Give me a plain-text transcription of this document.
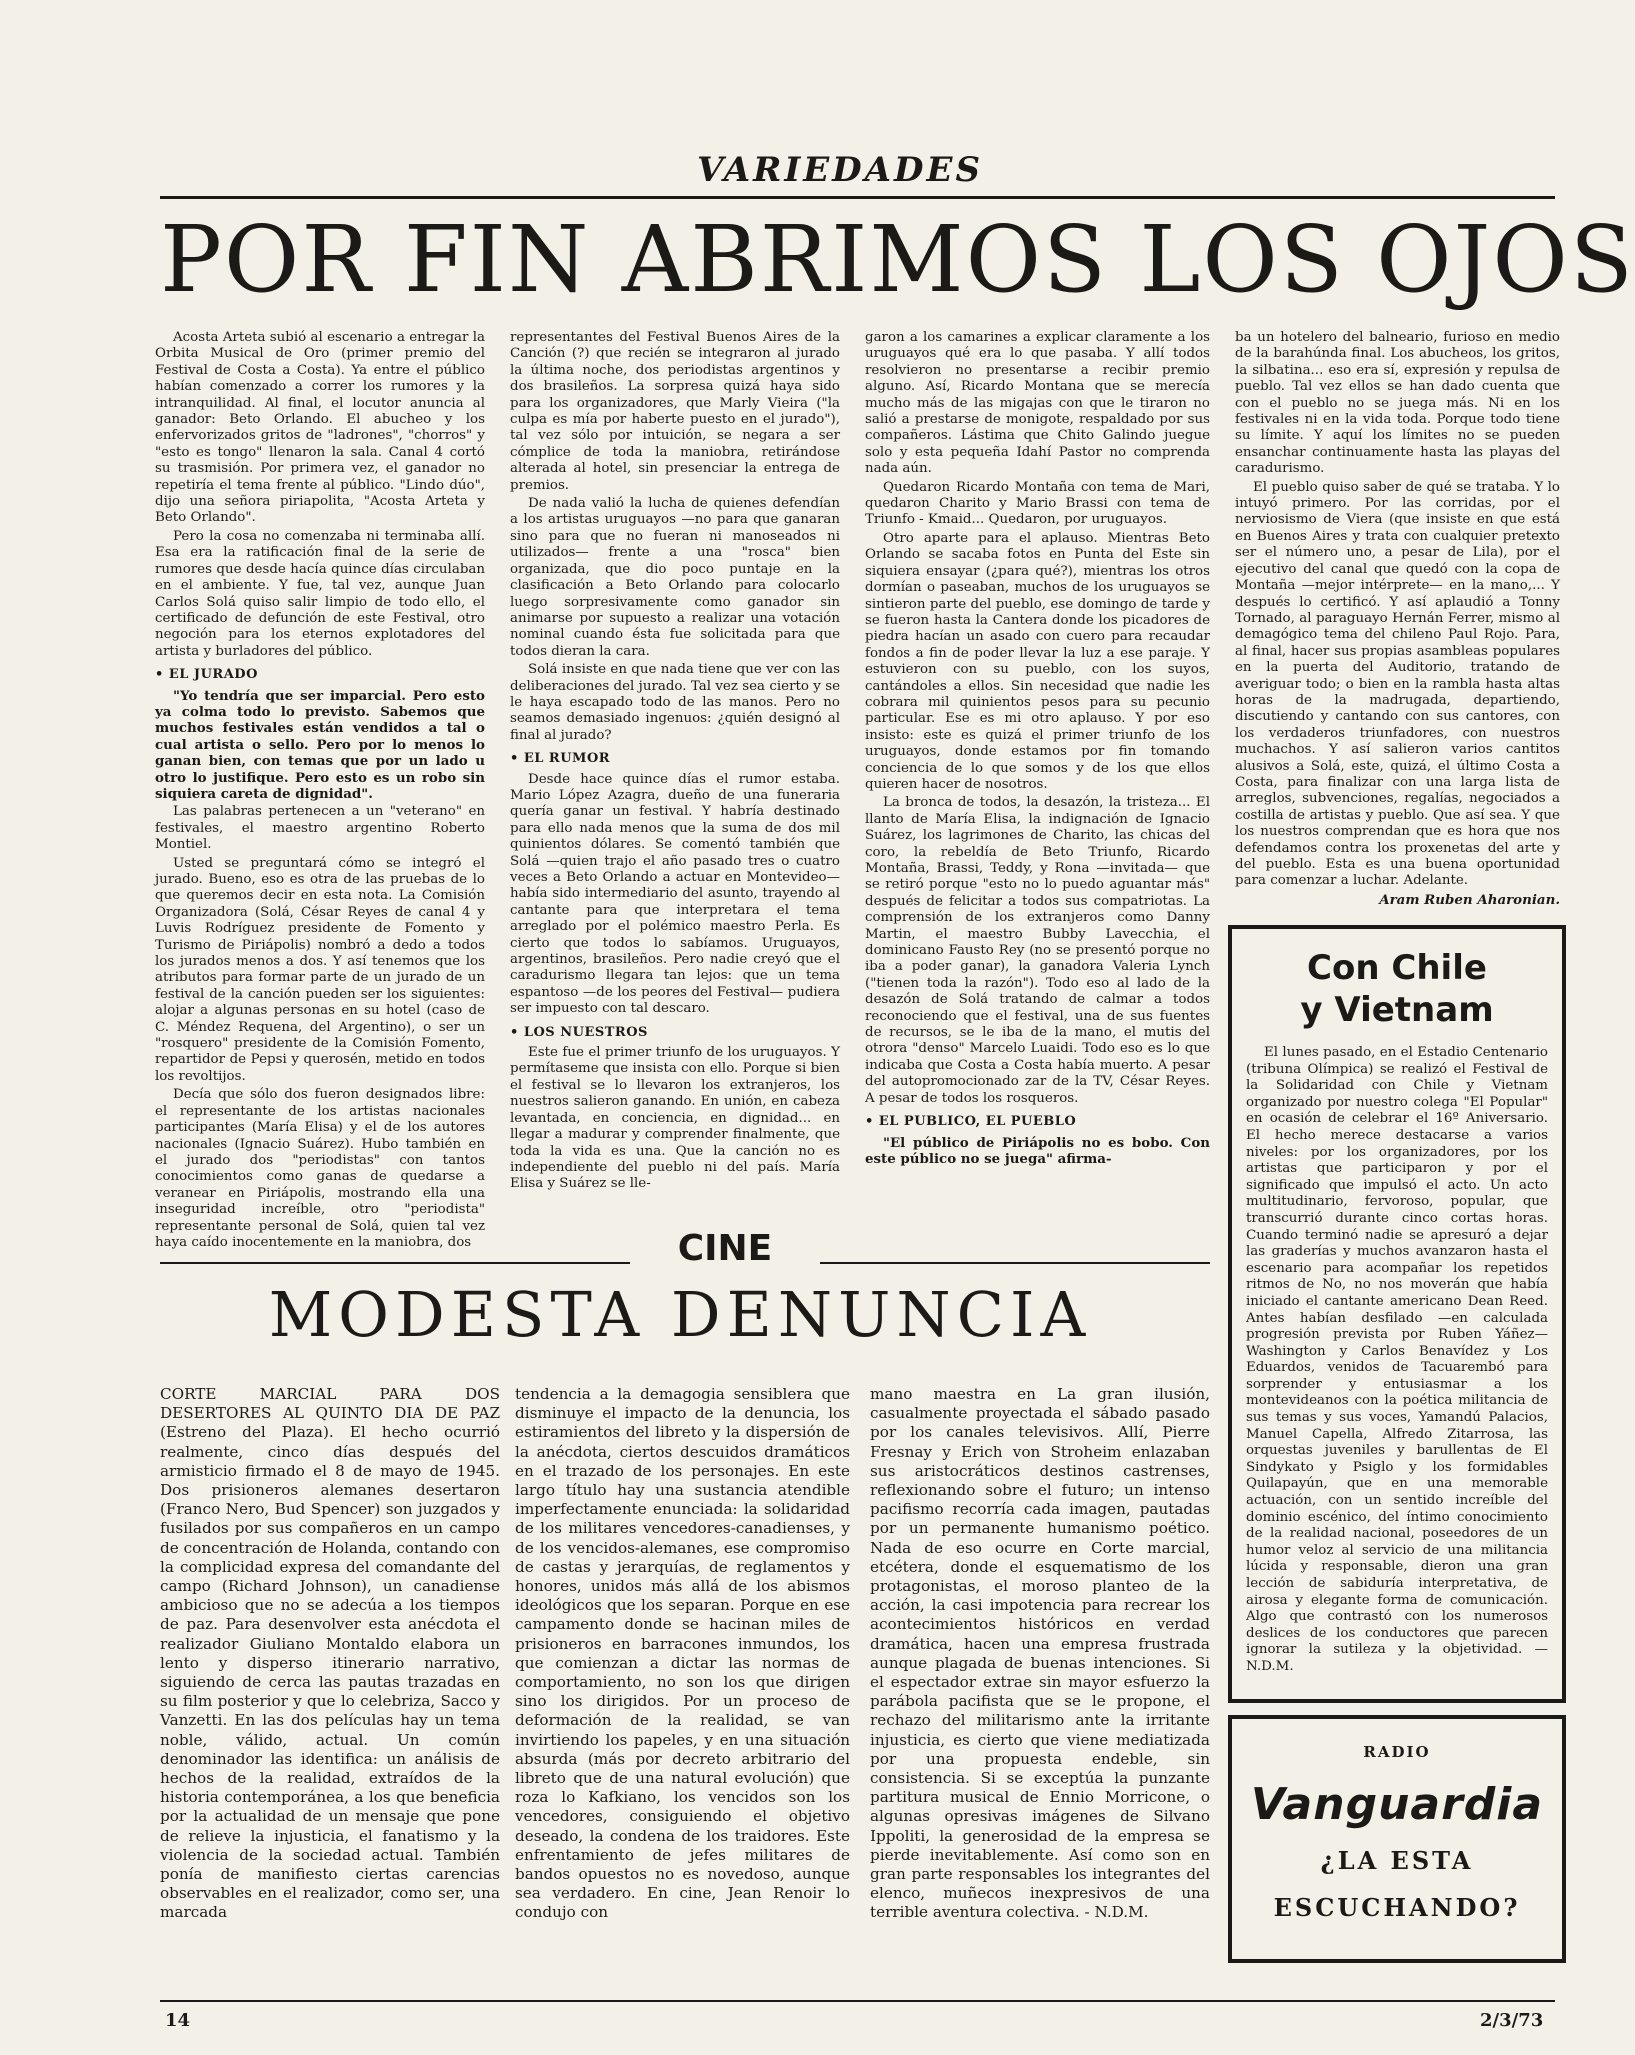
VARIEDADES
POR FIN ABRIMOS LOS OJOS

Acosta Arteta subió al escenario a entregar la Orbita Musical de Oro (primer premio del Festival de Costa a Costa). Ya entre el público habían comenzado a correr los rumores y la intranquilidad. Al final, el locutor anuncia al ganador: Beto Orlando. El abucheo y los enfervorizados gritos de "ladrones", "chorros" y "esto es tongo" llenaron la sala. Canal 4 cortó su trasmisión. Por primera vez, el ganador no repetiría el tema frente al público. "Lindo dúo", dijo una señora piriapolita, "Acosta Arteta y Beto Orlando".

Pero la cosa no comenzaba ni terminaba allí. Esa era la ratificación final de la serie de rumores que desde hacía quince días circulaban en el ambiente. Y fue, tal vez, aunque Juan Carlos Solá quiso salir limpio de todo ello, el certificado de defunción de este Festival, otro negoción para los eternos explotadores del artista y burladores del público.

• EL JURADO

"Yo tendría que ser imparcial. Pero esto ya colma todo lo previsto. Sabemos que muchos festivales están vendidos a tal o cual artista o sello. Pero por lo menos lo ganan bien, con temas que por un lado u otro lo justifique. Pero esto es un robo sin siquiera careta de dignidad".

Las palabras pertenecen a un "veterano" en festivales, el maestro argentino Roberto Montiel.

Usted se preguntará cómo se integró el jurado. Bueno, eso es otra de las pruebas de lo que queremos decir en esta nota. La Comisión Organizadora (Solá, César Reyes de canal 4 y Luvis Rodríguez presidente de Fomento y Turismo de Piriápolis) nombró a dedo a todos los jurados menos a dos. Y así tenemos que los atributos para formar parte de un jurado de un festival de la canción pueden ser los siguientes: alojar a algunas personas en su hotel (caso de C. Méndez Requena, del Argentino), o ser un "rosquero" presidente de la Comisión Fomento, repartidor de Pepsi y querosén, metido en todos los revoltijos.

Decía que sólo dos fueron designados libre: el representante de los artistas nacionales participantes (María Elisa) y el de los autores nacionales (Ignacio Suárez). Hubo también en el jurado dos "periodistas" con tantos conocimientos como ganas de quedarse a veranear en Piriápolis, mostrando ella una inseguridad increíble, otro "periodista" representante personal de Solá, quien tal vez haya caído inocentemente en la maniobra, dos

representantes del Festival Buenos Aires de la Canción (?) que recién se integraron al jurado la última noche, dos periodistas argentinos y dos brasileños. La sorpresa quizá haya sido para los organizadores, que Marly Vieira ("la culpa es mía por haberte puesto en el jurado"), tal vez sólo por intuición, se negara a ser cómplice de toda la maniobra, retirándose alterada al hotel, sin presenciar la entrega de premios.

De nada valió la lucha de quienes defendían a los artistas uruguayos —no para que ganaran sino para que no fueran ni manoseados ni utilizados— frente a una "rosca" bien organizada, que dio poco puntaje en la clasificación a Beto Orlando para colocarlo luego sorpresivamente como ganador sin animarse por supuesto a realizar una votación nominal cuando ésta fue solicitada para que todos dieran la cara.

Solá insiste en que nada tiene que ver con las deliberaciones del jurado. Tal vez sea cierto y se le haya escapado todo de las manos. Pero no seamos demasiado ingenuos: ¿quién designó al final al jurado?

• EL RUMOR

Desde hace quince días el rumor estaba. Mario López Azagra, dueño de una funeraria quería ganar un festival. Y habría destinado para ello nada menos que la suma de dos mil quinientos dólares. Se comentó también que Solá —quien trajo el año pasado tres o cuatro veces a Beto Orlando a actuar en Montevideo— había sido intermediario del asunto, trayendo al cantante para que interpretara el tema arreglado por el polémico maestro Perla. Es cierto que todos lo sabíamos. Uruguayos, argentinos, brasileños. Pero nadie creyó que el caradurismo llegara tan lejos: que un tema espantoso —de los peores del Festival— pudiera ser impuesto con tal descaro.

• LOS NUESTROS

Este fue el primer triunfo de los uruguayos. Y permítaseme que insista con ello. Porque si bien el festival se lo llevaron los extranjeros, los nuestros salieron ganando. En unión, en cabeza levantada, en conciencia, en dignidad... en llegar a madurar y comprender finalmente, que toda la vida es una. Que la canción no es independiente del pueblo ni del país. María Elisa y Suárez se lle-

garon a los camarines a explicar claramente a los uruguayos qué era lo que pasaba. Y allí todos resolvieron no presentarse a recibir premio alguno. Así, Ricardo Montana que se merecía mucho más de las migajas con que le tiraron no salió a prestarse de monigote, respaldado por sus compañeros. Lástima que Chito Galindo juegue solo y esta pequeña Idahí Pastor no comprenda nada aún.

Quedaron Ricardo Montaña con tema de Mari, quedaron Charito y Mario Brassi con tema de Triunfo - Kmaid... Quedaron, por uruguayos.

Otro aparte para el aplauso. Mientras Beto Orlando se sacaba fotos en Punta del Este sin siquiera ensayar (¿para qué?), mientras los otros dormían o paseaban, muchos de los uruguayos se sintieron parte del pueblo, ese domingo de tarde y se fueron hasta la Cantera donde los picadores de piedra hacían un asado con cuero para recaudar fondos a fin de poder llevar la luz a ese paraje. Y estuvieron con su pueblo, con los suyos, cantándoles a ellos. Sin necesidad que nadie les cobrara mil quinientos pesos para su pecunio particular. Ese es mi otro aplauso. Y por eso insisto: este es quizá el primer triunfo de los uruguayos, donde estamos por fin tomando conciencia de lo que somos y de los que ellos quieren hacer de nosotros.

La bronca de todos, la desazón, la tristeza... El llanto de María Elisa, la indignación de Ignacio Suárez, los lagrimones de Charito, las chicas del coro, la rebeldía de Beto Triunfo, Ricardo Montaña, Brassi, Teddy, y Rona —invitada— que se retiró porque "esto no lo puedo aguantar más" después de felicitar a todos sus compatriotas. La comprensión de los extranjeros como Danny Martin, el maestro Bubby Lavecchia, el dominicano Fausto Rey (no se presentó porque no iba a poder ganar), la ganadora Valeria Lynch ("tienen toda la razón"). Todo eso al lado de la desazón de Solá tratando de calmar a todos reconociendo que el festival, una de sus fuentes de recursos, se le iba de la mano, el mutis del otrora "denso" Marcelo Luaidi. Todo eso es lo que indicaba que Costa a Costa había muerto. A pesar del autopromocionado zar de la TV, César Reyes. A pesar de todos los rosqueros.

• EL PUBLICO, EL PUEBLO

"El público de Piriápolis no es bobo. Con este público no se juega" afirma-

ba un hotelero del balneario, furioso en medio de la barahúnda final. Los abucheos, los gritos, la silbatina... eso era sí, expresión y repulsa de pueblo. Tal vez ellos se han dado cuenta que con el pueblo no se juega más. Ni en los festivales ni en la vida toda. Porque todo tiene su límite. Y aquí los límites no se pueden ensanchar continuamente hasta las playas del caradurismo.

El pueblo quiso saber de qué se trataba. Y lo intuyó primero. Por las corridas, por el nerviosismo de Viera (que insiste en que está en Buenos Aires y trata con cualquier pretexto ser el número uno, a pesar de Lila), por el ejecutivo del canal que quedó con la copa de Montaña —mejor intérprete— en la mano,... Y después lo certificó. Y así aplaudió a Tonny Tornado, al paraguayo Hernán Ferrer, mismo al demagógico tema del chileno Paul Rojo. Para, al final, hacer sus propias asambleas populares en la puerta del Auditorio, tratando de averiguar todo; o bien en la rambla hasta altas horas de la madrugada, departiendo, discutiendo y cantando con sus cantores, con los verdaderos triunfadores, con nuestros muchachos. Y así salieron varios cantitos alusivos a Solá, este, quizá, el último Costa a Costa, para finalizar con una larga lista de arreglos, subvenciones, regalías, negociados a costilla de artistas y pueblo. Que así sea. Y que los nuestros comprendan que es hora que nos defendamos contra los proxenetas del arte y del pueblo. Esta es una buena oportunidad para comenzar a luchar. Adelante.

Aram Ruben Aharonian.
Con Chile
y Vietnam

El lunes pasado, en el Estadio Centenario (tribuna Olímpica) se realizó el Festival de la Solidaridad con Chile y Vietnam organizado por nuestro colega "El Popular" en ocasión de celebrar el 16º Aniversario. El hecho merece destacarse a varios niveles: por los organizadores, por los artistas que participaron y por el significado que impulsó el acto. Un acto multitudinario, fervoroso, popular, que transcurrió durante cinco cortas horas. Cuando terminó nadie se apresuró a dejar las graderías y muchos avanzaron hasta el escenario para acompañar los repetidos ritmos de No, no nos moverán que había iniciado el cantante americano Dean Reed. Antes habían desfilado —en calculada progresión prevista por Ruben Yáñez— Washington y Carlos Benavídez y Los Eduardos, venidos de Tacuarembó para sorprender y entusiasmar a los montevideanos con la poética militancia de sus temas y sus voces, Yamandú Palacios, Manuel Capella, Alfredo Zitarrosa, las orquestas juveniles y barullentas de El Sindykato y Psiglo y los formidables Quilapayún, que en una memorable actuación, con un sentido increíble del dominio escénico, del íntimo conocimiento de la realidad nacional, poseedores de un humor veloz al servicio de una militancia lúcida y responsable, dieron una gran lección de sabiduría interpretativa, de airosa y elegante forma de comunicación. Algo que contrastó con los numerosos deslices de los conductores que parecen ignorar la sutileza y la objetividad. — N.D.M.

RADIO
Vanguardia
¿LA ESTA
ESCUCHANDO?
CINE
MODESTA DENUNCIA

CORTE MARCIAL PARA DOS DESERTORES AL QUINTO DIA DE PAZ (Estreno del Plaza). El hecho ocurrió realmente, cinco días después del armisticio firmado el 8 de mayo de 1945. Dos prisioneros alemanes desertaron (Franco Nero, Bud Spencer) son juzgados y fusilados por sus compañeros en un campo de concentración de Holanda, contando con la complicidad expresa del comandante del campo (Richard Johnson), un canadiense ambicioso que no se adecúa a los tiempos de paz. Para desenvolver esta anécdota el realizador Giuliano Montaldo elabora un lento y disperso itinerario narrativo, siguiendo de cerca las pautas trazadas en su film posterior y que lo celebriza, Sacco y Vanzetti. En las dos películas hay un tema noble, válido, actual. Un común denominador las identifica: un análisis de hechos de la realidad, extraídos de la historia contemporánea, a los que beneficia por la actualidad de un mensaje que pone de relieve la injusticia, el fanatismo y la violencia de la sociedad actual. También ponía de manifiesto ciertas carencias observables en el realizador, como ser, una marcada

tendencia a la demagogia sensiblera que disminuye el impacto de la denuncia, los estiramientos del libreto y la dispersión de la anécdota, ciertos descuidos dramáticos en el trazado de los personajes. En este largo título hay una sustancia atendible imperfectamente enunciada: la solidaridad de los militares vencedores-canadienses, y de los vencidos-alemanes, ese compromiso de castas y jerarquías, de reglamentos y honores, unidos más allá de los abismos ideológicos que los separan. Porque en ese campamento donde se hacinan miles de prisioneros en barracones inmundos, los que comienzan a dictar las normas de comportamiento, no son los que dirigen sino los dirigidos. Por un proceso de deformación de la realidad, se van invirtiendo los papeles, y en una situación absurda (más por decreto arbitrario del libreto que de una natural evolución) que roza lo Kafkiano, los vencidos son los vencedores, consiguiendo el objetivo deseado, la condena de los traidores. Este enfrentamiento de jefes militares de bandos opuestos no es novedoso, aunque sea verdadero. En cine, Jean Renoir lo condujo con

mano maestra en La gran ilusión, casualmente proyectada el sábado pasado por los canales televisivos. Allí, Pierre Fresnay y Erich von Stroheim enlazaban sus aristocráticos destinos castrenses, reflexionando sobre el futuro; un intenso pacifismo recorría cada imagen, pautadas por un permanente humanismo poético. Nada de eso ocurre en Corte marcial, etcétera, donde el esquematismo de los protagonistas, el moroso planteo de la acción, la casi impotencia para recrear los acontecimientos históricos en verdad dramática, hacen una empresa frustrada aunque plagada de buenas intenciones. Si el espectador extrae sin mayor esfuerzo la parábola pacifista que se le propone, el rechazo del militarismo ante la irritante injusticia, es cierto que viene mediatizada por una propuesta endeble, sin consistencia. Si se exceptúa la punzante partitura musical de Ennio Morricone, o algunas opresivas imágenes de Silvano Ippoliti, la generosidad de la empresa se pierde inevitablemente. Así como son en gran parte responsables los integrantes del elenco, muñecos inexpresivos de una terrible aventura colectiva. - N.D.M.

14	2/3/73
